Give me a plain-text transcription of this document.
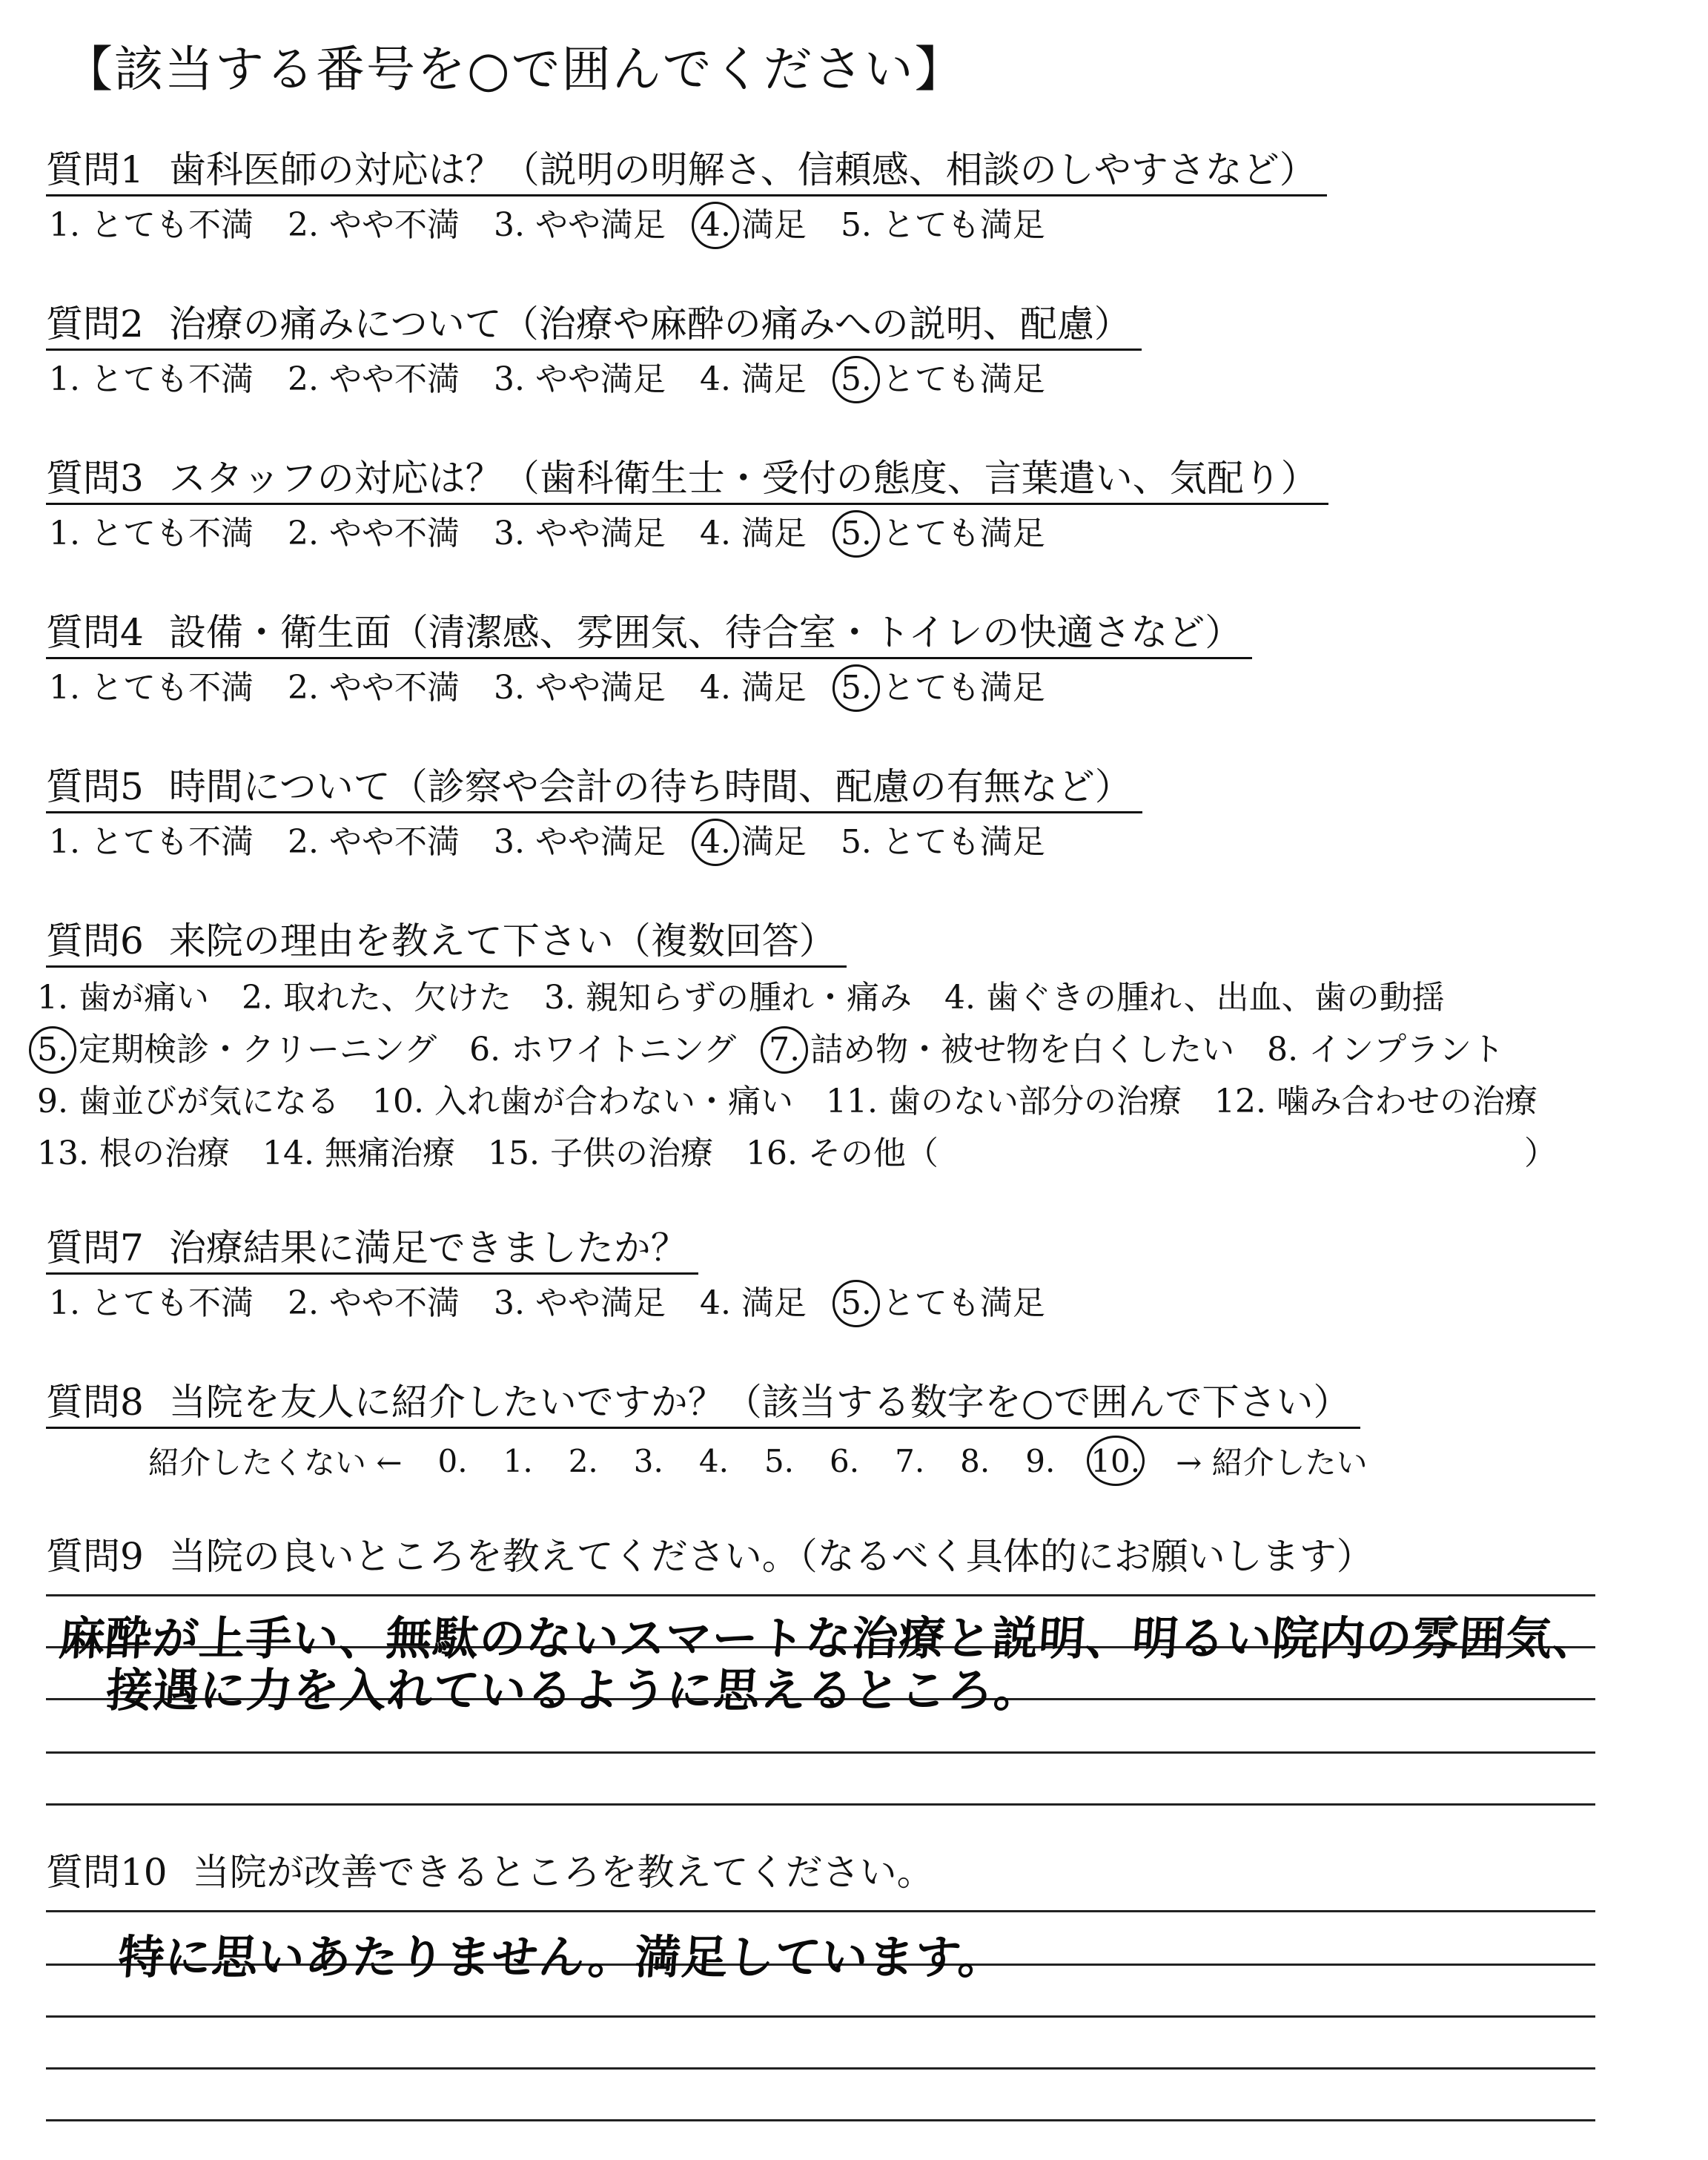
【該当する番号を○で囲んでください】
質問1 歯科医師の対応は？（説明の明解さ、信頼感、相談のしやすさなど）
1. とても不満 2. やや不満 3. やや満足 4. 満足 5. とても満足
質問2 治療の痛みについて（治療や麻酔の痛みへの説明、配慮）
1. とても不満 2. やや不満 3. やや満足 4. 満足 5. とても満足
質問3 スタッフの対応は？（歯科衛生士・受付の態度、言葉遣い、気配り）
1. とても不満 2. やや不満 3. やや満足 4. 満足 5. とても満足
質問4 設備・衛生面（清潔感、雰囲気、待合室・トイレの快適さなど）
1. とても不満 2. やや不満 3. やや満足 4. 満足 5. とても満足
質問5 時間について（診察や会計の待ち時間、配慮の有無など）
1. とても不満 2. やや不満 3. やや満足 4. 満足 5. とても満足
質問6 来院の理由を教えて下さい（複数回答）
1. 歯が痛い 2. 取れた、欠けた 3. 親知らずの腫れ・痛み 4. 歯ぐきの腫れ、出血、歯の動揺
5. 定期検診・クリーニング 6. ホワイトニング 7. 詰め物・被せ物を白くしたい 8. インプラント
9. 歯並びが気になる 10. 入れ歯が合わない・痛い 11. 歯のない部分の治療 12. 噛み合わせの治療
13. 根の治療 14. 無痛治療 15. 子供の治療 16. その他（	）
質問7 治療結果に満足できましたか？
1. とても不満 2. やや不満 3. やや満足 4. 満足 5. とても満足
質問8 当院を友人に紹介したいですか？（該当する数字を○で囲んで下さい）
紹介したくない ← 0. 1. 2. 3. 4. 5. 6. 7. 8. 9. 10. → 紹介したい
質問9 当院の良いところを教えてください。（なるべく具体的にお願いします）
麻酔が上手い、無駄のないスマートな治療と説明、明るい院内の雰囲気、
接遇に力を入れているように思えるところ。
質問10 当院が改善できるところを教えてください。
特に思いあたりません。満足しています。
